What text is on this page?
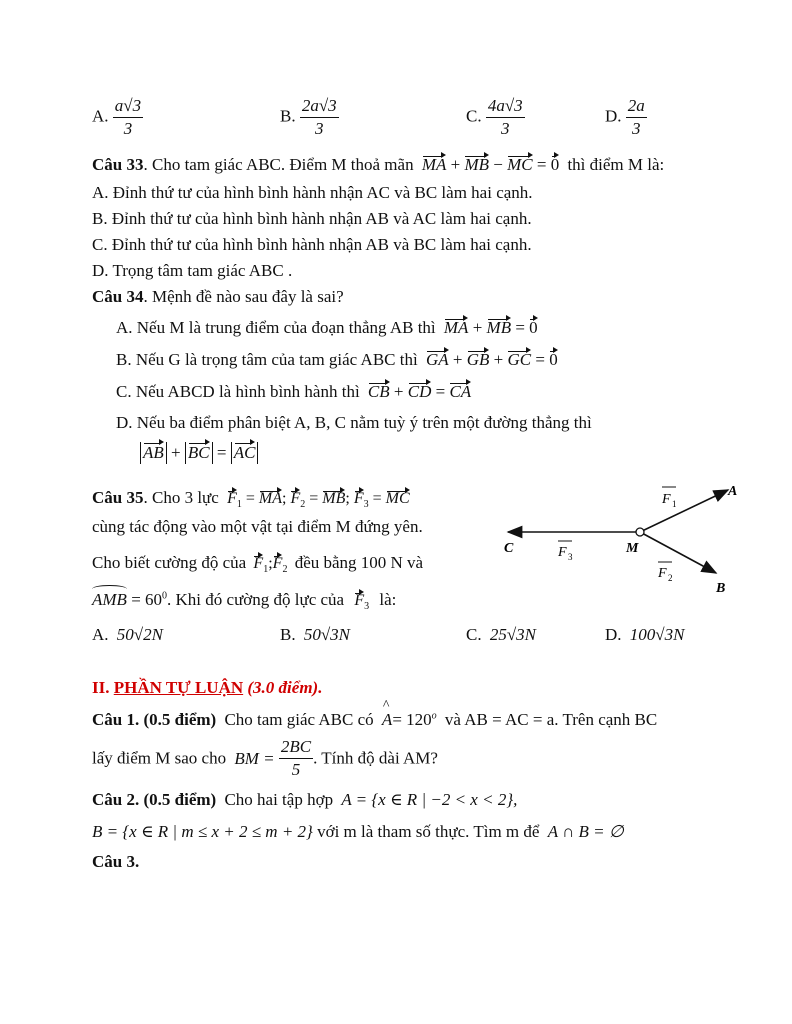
A. $\frac{a√3}{3}$	B. $\frac{2a√3}{3}$	C. $\frac{4a√3}{3}$	D. $\frac{2a}{3}$
Câu 33. Cho tam giác ABC. Điểm M thoả mãn MA + MB − MC = 0 thì điểm M là:
A. Đỉnh thứ tư của hình bình hành nhận AC và BC làm hai cạnh.
B. Đỉnh thứ tư của hình bình hành nhận AB và AC làm hai cạnh.
C. Đỉnh thứ tư của hình bình hành nhận AB và BC làm hai cạnh.
D. Trọng tâm tam giác ABC .
Câu 34. Mệnh đề nào sau đây là sai?
A. Nếu M là trung điểm của đoạn thẳng AB thì MA + MB = 0
B. Nếu G là trọng tâm của tam giác ABC thì GA + GB + GC = 0
C. Nếu ABCD là hình bình hành thì CB + CD = CA
D. Nếu ba điểm phân biệt A, B, C nằm tuỳ ý trên một đường thẳng thì
AB + BC = AC
Câu 35. Cho 3 lực $F_1$ = MA; $F_2$ = MB; $F_3$ = MC
cùng tác động vào một vật tại điểm M đứng yên.
Cho biết cường độ của $F_1;F_2$ đều bằng 100 N và
AMB = $60^0$. Khi đó cường độ lực của $F_3$ là:
A. 50√2N	B. 50√3N	C. 25√3N	D. 100√3N
A
B
C	M
F 1
F 2
F 3
II. PHẦN TỰ LUẬN (3.0 điểm).
Câu 1. (0.5 điểm) Cho tam giác ABC có ^ $A= 120^o$ và AB = AC = a. Trên cạnh BC
lấy điểm M sao cho BM = $\frac{2BC}{5}$ . Tính độ dài AM?
Câu 2. (0.5 điểm) Cho hai tập hợp A = {x ∈ R | −2 < x < 2},
B = {x ∈ R | m ≤ x + 2 ≤ m + 2} với m là tham số thực. Tìm m để A ∩ B = ∅
Câu 3.
